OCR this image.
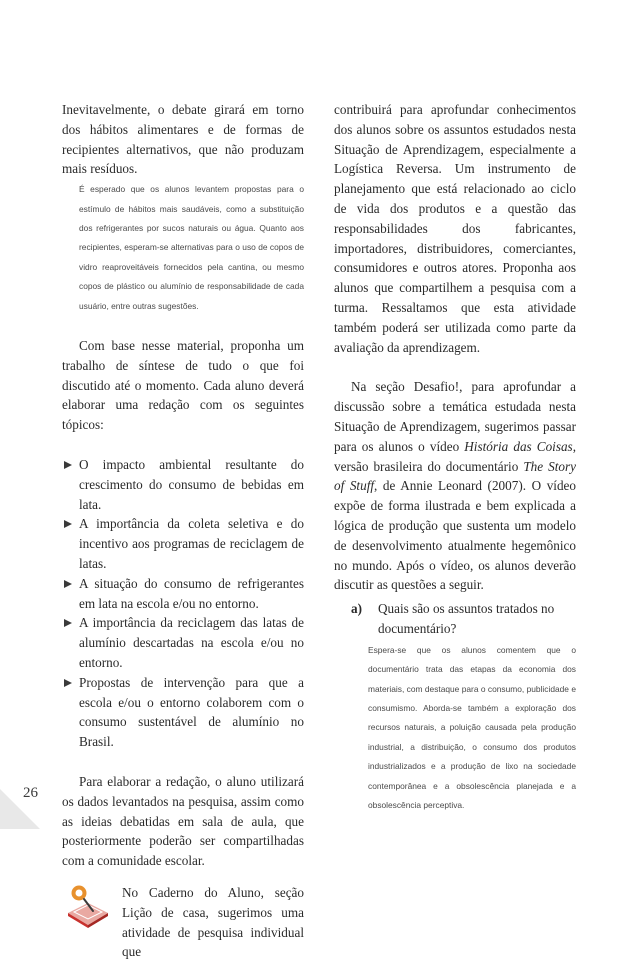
Inevitavelmente, o debate girará em torno dos hábitos alimentares e de formas de recipientes alternativos, que não produzam mais resíduos.

É esperado que os alunos levantem propostas para o estímulo de hábitos mais saudáveis, como a substituição dos refrigerantes por sucos naturais ou água. Quanto aos recipientes, esperam-se alternativas para o uso de copos de vidro reaproveitáveis fornecidos pela cantina, ou mesmo copos de plástico ou alumínio de responsabilidade de cada usuário, entre outras sugestões.

Com base nesse material, proponha um trabalho de síntese de tudo o que foi discutido até o momento. Cada aluno deverá elaborar uma redação com os seguintes tópicos:

O impacto ambiental resultante do crescimento do consumo de bebidas em lata.
A importância da coleta seletiva e do incentivo aos programas de reciclagem de latas.
A situação do consumo de refrigerantes em lata na escola e/ou no entorno.
A importância da reciclagem das latas de alumínio descartadas na escola e/ou no entorno.
Propostas de intervenção para que a escola e/ou o entorno colaborem com o consumo sustentável de alumínio no Brasil.

Para elaborar a redação, o aluno utilizará os dados levantados na pesquisa, assim como as ideias debatidas em sala de aula, que posteriormente poderão ser compartilhadas com a comunidade escolar.

No Caderno do Aluno, seção Lição de casa, sugerimos uma atividade de pesquisa individual que

contribuirá para aprofundar conhecimentos dos alunos sobre os assuntos estudados nesta Situação de Aprendizagem, especialmente a Logística Reversa. Um instrumento de planejamento que está relacionado ao ciclo de vida dos produtos e a questão das responsabilidades dos fabricantes, importadores, distribuidores, comerciantes, consumidores e outros atores. Proponha aos alunos que compartilhem a pesquisa com a turma. Ressaltamos que esta atividade também poderá ser utilizada como parte da avaliação da aprendizagem.

Na seção Desafio!, para aprofundar a discussão sobre a temática estudada nesta Situação de Aprendizagem, sugerimos passar para os alunos o vídeo História das Coisas, versão brasileira do documentário The Story of Stuff, de Annie Leonard (2007). O vídeo expõe de forma ilustrada e bem explicada a lógica de produção que sustenta um modelo de desenvolvimento atualmente hegemônico no mundo. Após o vídeo, os alunos deverão discutir as questões a seguir.

a)	Quais são os assuntos tratados no documentário?

Espera-se que os alunos comentem que o documentário trata das etapas da economia dos materiais, com destaque para o consumo, publicidade e consumismo. Aborda-se também a exploração dos recursos naturais, a poluição causada pela produção industrial, a distribuição, o consumo dos produtos industrializados e a produção de lixo na sociedade contemporânea e a obsolescência planejada e a obsolescência perceptiva.

26
